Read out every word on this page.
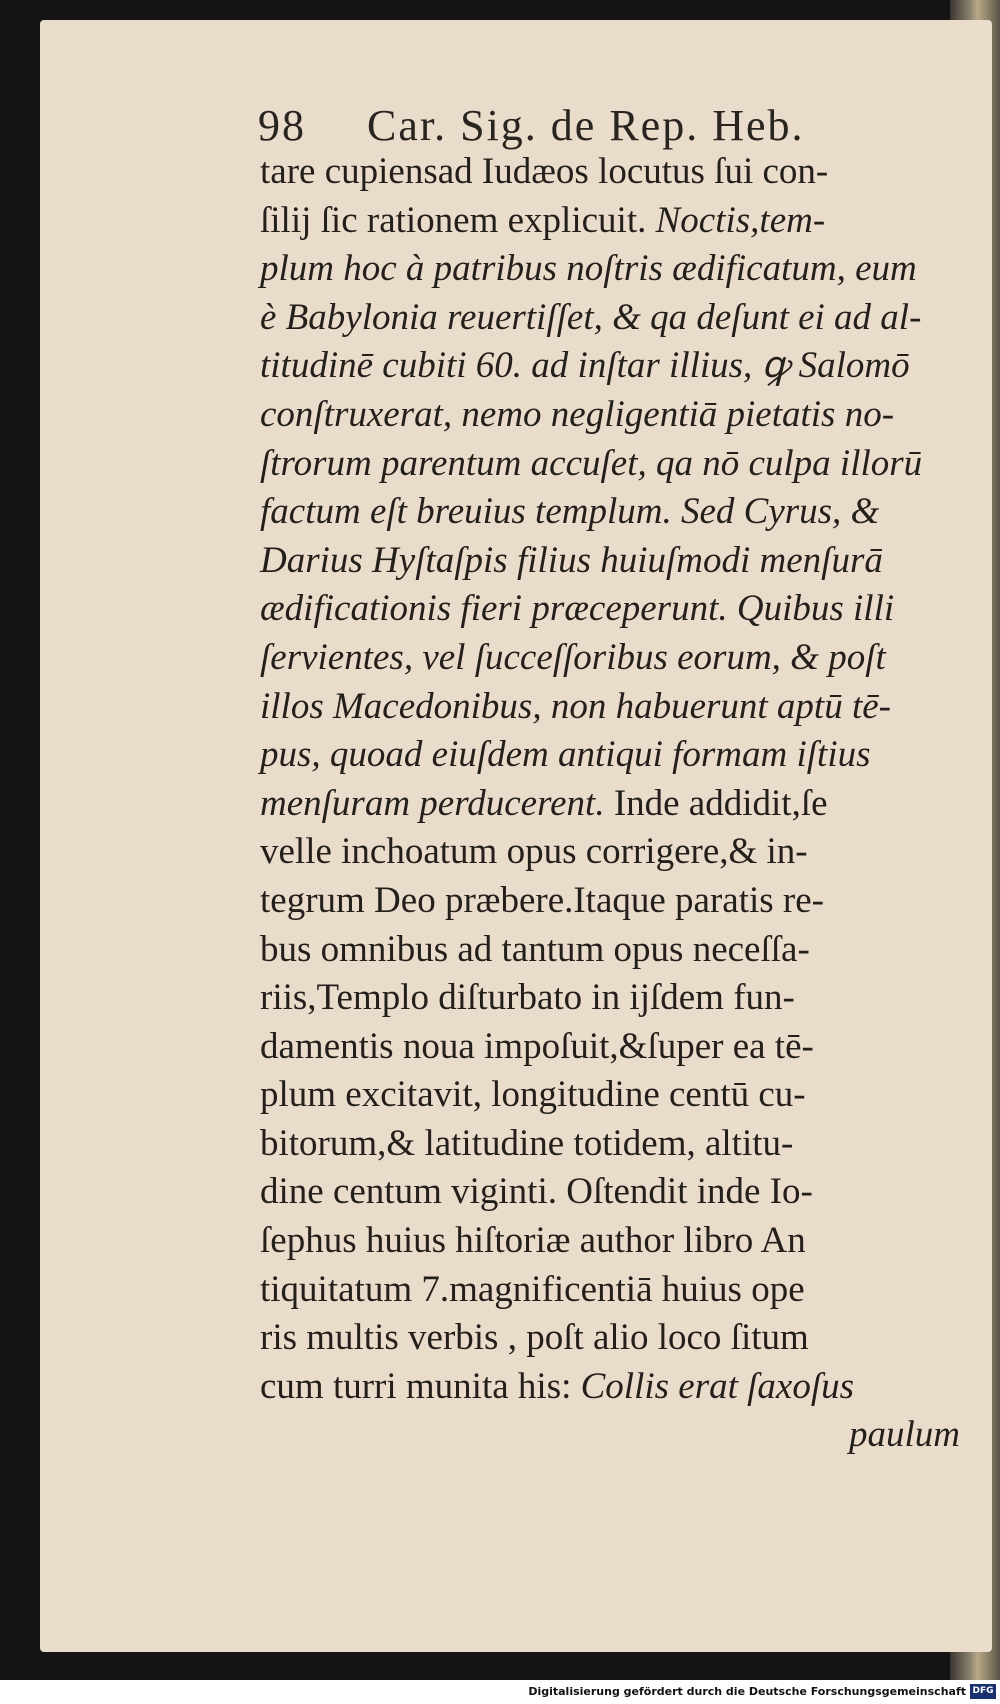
98 Car. Sig. de Rep. Heb.
tare cupiensad Iudæos locutus ſui con-
ſilij ſic rationem explicuit. Noctis,tem-
plum hoc à patribus noſtris ædificatum, eum
è Babylonia reuertiſſet, & qa deſunt ei ad al-
titudinē cubiti 60. ad inſtar illius, ꝙ Salomō
conſtruxerat, nemo negligentiā pietatis no-
ſtrorum parentum accuſet, qa nō culpa illorū
factum eſt breuius templum. Sed Cyrus, &
Darius Hyſtaſpis filius huiuſmodi menſurā
ædificationis fieri præceperunt. Quibus illi
ſervientes, vel ſucceſſoribus eorum, & poſt
illos Macedonibus, non habuerunt aptū tē-
pus, quoad eiuſdem antiqui formam iſtius
menſuram perducerent. Inde addidit,ſe
velle inchoatum opus corrigere,& in-
tegrum Deo præbere.Itaque paratis re-
bus omnibus ad tantum opus neceſſa-
riis,Templo diſturbato in ijſdem fun-
damentis noua impoſuit,&ſuper ea tē-
plum excitavit, longitudine centū cu-
bitorum,& latitudine totidem, altitu-
dine centum viginti. Oſtendit inde Io-
ſephus huius hiſtoriæ author libro An
tiquitatum 7.magnificentiā huius ope
ris multis verbis , poſt alio loco ſitum
cum turri munita his: Collis erat ſaxoſus
paulum
Digitalisierung gefördert durch die Deutsche Forschungsgemeinschaft DFG
